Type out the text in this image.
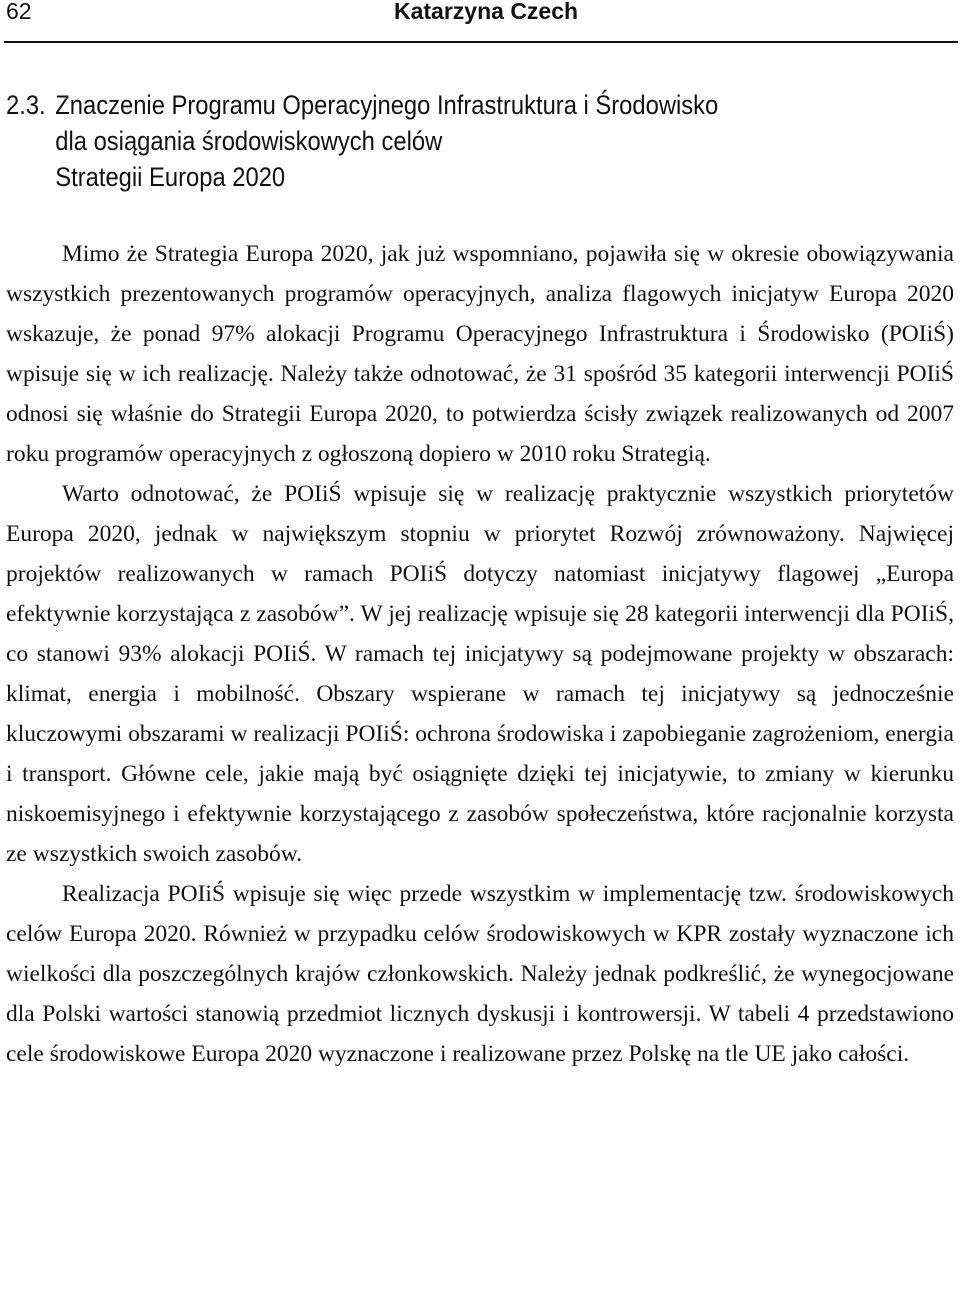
62	Katarzyna Czech
2.3. Znaczenie Programu Operacyjnego Infrastruktura i Środowisko
dla osiągania środowiskowych celów
Strategii Europa 2020

Mimo że Strategia Europa 2020, jak już wspomniano, pojawiła się w okresie obowiązywania wszystkich prezentowanych programów operacyjnych, analiza flagowych inicjatyw Europa 2020 wskazuje, że ponad 97% alokacji Programu Operacyjnego Infrastruktura i Środowisko (POIiŚ) wpisuje się w ich realizację. Należy także odnotować, że 31 spośród 35 kategorii interwencji POIiŚ odnosi się właśnie do Strategii Europa 2020, to potwierdza ścisły związek realizowanych od 2007 roku programów operacyjnych z ogłoszoną dopiero w 2010 roku Strategią.

Warto odnotować, że POIiŚ wpisuje się w realizację praktycznie wszystkich priorytetów Europa 2020, jednak w największym stopniu w priorytet Rozwój zrównoważony. Najwięcej projektów realizowanych w ramach POIiŚ dotyczy natomiast inicjatywy flagowej „Europa efektywnie korzystająca z zasobów”. W jej realizację wpisuje się 28 kategorii interwencji dla POIiŚ, co stanowi 93% alokacji POIiŚ. W ramach tej inicjatywy są podejmowane projekty w obszarach: klimat, energia i mobilność. Obszary wspierane w ramach tej inicjatywy są jednocześnie kluczowymi obszarami w realizacji POIiŚ: ochrona środowiska i zapobieganie zagrożeniom, energia i transport. Główne cele, jakie mają być osiągnięte dzięki tej inicjatywie, to zmiany w kierunku niskoemisyjnego i efektywnie korzystającego z zasobów społeczeństwa, które racjonalnie korzysta ze wszystkich swoich zasobów.

Realizacja POIiŚ wpisuje się więc przede wszystkim w implementację tzw. środowiskowych celów Europa 2020. Również w przypadku celów środowiskowych w KPR zostały wyznaczone ich wielkości dla poszczególnych krajów członkowskich. Należy jednak podkreślić, że wynegocjowane dla Polski wartości stanowią przedmiot licznych dyskusji i kontrowersji. W tabeli 4 przedstawiono cele środowiskowe Europa 2020 wyznaczone i realizowane przez Polskę na tle UE jako całości.
